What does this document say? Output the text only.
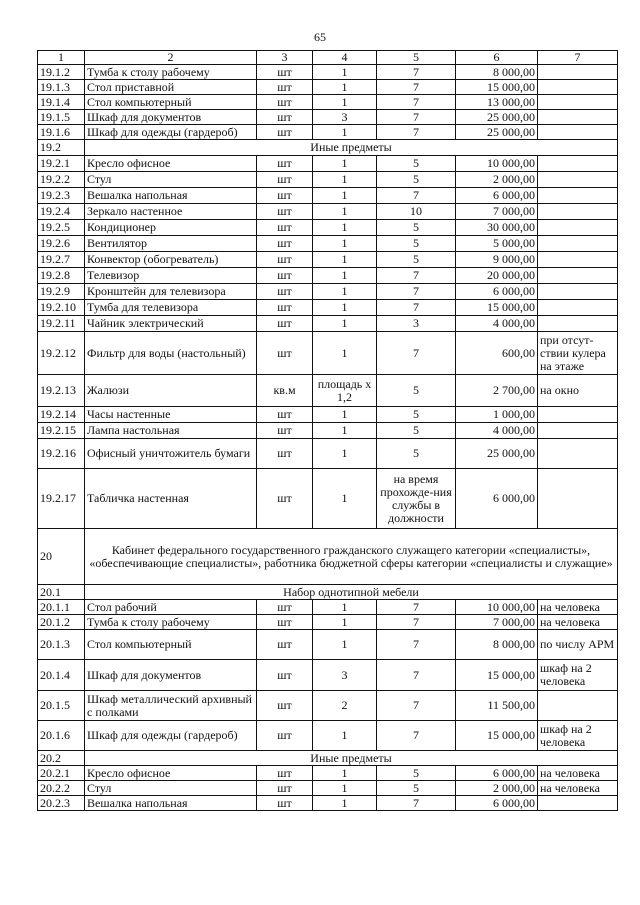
65
1	2	3	4	5	6	7
19.1.2	Тумба к столу рабочему	шт	1	7	8 000,00	
19.1.3	Стол приставной	шт	1	7	15 000,00	
19.1.4	Стол компьютерный	шт	1	7	13 000,00	
19.1.5	Шкаф для документов	шт	3	7	25 000,00	
19.1.6	Шкаф для одежды (гардероб)	шт	1	7	25 000,00	
19.2	Иные предметы					
19.2.1	Кресло офисное	шт	1	5	10 000,00	
19.2.2	Стул	шт	1	5	2 000,00	
19.2.3	Вешалка напольная	шт	1	7	6 000,00	
19.2.4	Зеркало настенное	шт	1	10	7 000,00	
19.2.5	Кондиционер	шт	1	5	30 000,00	
19.2.6	Вентилятор	шт	1	5	5 000,00	
19.2.7	Конвектор (обогреватель)	шт	1	5	9 000,00	
19.2.8	Телевизор	шт	1	7	20 000,00	
19.2.9	Кронштейн для телевизора	шт	1	7	6 000,00	
19.2.10	Тумба для телевизора	шт	1	7	15 000,00	
19.2.11	Чайник электрический	шт	1	3	4 000,00	
19.2.12	Фильтр для воды (настольный)	шт	1	7	600,00	при отсут-ствии кулера на этаже
19.2.13	Жалюзи	кв.м	площадь х 1,2	5	2 700,00	на окно
19.2.14	Часы настенные	шт	1	5	1 000,00	
19.2.15	Лампа настольная	шт	1	5	4 000,00	
19.2.16	Офисный уничтожитель бумаги	шт	1	5	25 000,00	
19.2.17	Табличка настенная	шт	1	на время прохожде-ния службы в должности	6 000,00	
20	Кабинет федерального государственного гражданского служащего категории «специалисты», «обеспечивающие специалисты», работника бюджетной сферы категории «специалисты и служащие»					
20.1	Набор однотипной мебели					
20.1.1	Стол рабочий	шт	1	7	10 000,00	на человека
20.1.2	Тумба к столу рабочему	шт	1	7	7 000,00	на человека
20.1.3	Стол компьютерный	шт	1	7	8 000,00	по числу АРМ
20.1.4	Шкаф для документов	шт	3	7	15 000,00	шкаф на 2 человека
20.1.5	Шкаф металлический архивный с полками	шт	2	7	11 500,00	
20.1.6	Шкаф для одежды (гардероб)	шт	1	7	15 000,00	шкаф на 2 человека
20.2	Иные предметы					
20.2.1	Кресло офисное	шт	1	5	6 000,00	на человека
20.2.2	Стул	шт	1	5	2 000,00	на человека
20.2.3	Вешалка напольная	шт	1	7	6 000,00	
